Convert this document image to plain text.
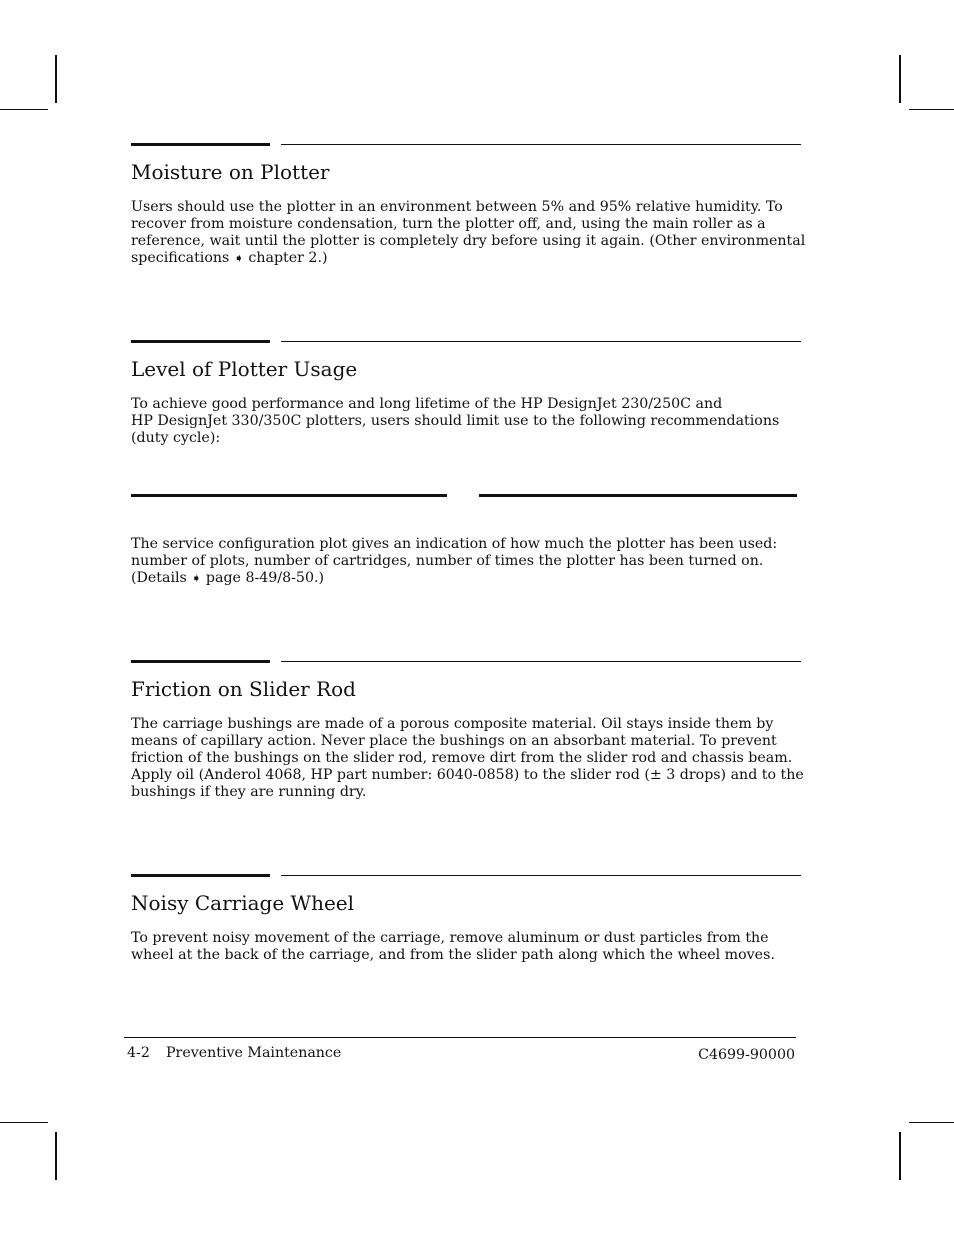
Moisture on Plotter

Users should use the plotter in an environment between 5% and 95% relative humidity. To
recover from moisture condensation, turn the plotter off, and, using the main roller as a
reference, wait until the plotter is completely dry before using it again. (Other environmental
specifications ➧ chapter 2.)

Level of Plotter Usage

To achieve good performance and long lifetime of the HP DesignJet 230/250C and
HP DesignJet 330/350C plotters, users should limit use to the following recommendations
(duty cycle):

The service configuration plot gives an indication of how much the plotter has been used:
number of plots, number of cartridges, number of times the plotter has been turned on.
(Details ➧ page 8-49/8-50.)

Friction on Slider Rod

The carriage bushings are made of a porous composite material. Oil stays inside them by
means of capillary action. Never place the bushings on an absorbant material. To prevent
friction of the bushings on the slider rod, remove dirt from the slider rod and chassis beam.
Apply oil (Anderol 4068, HP part number: 6040-0858) to the slider rod (± 3 drops) and to the
bushings if they are running dry.

Noisy Carriage Wheel

To prevent noisy movement of the carriage, remove aluminum or dust particles from the
wheel at the back of the carriage, and from the slider path along which the wheel moves.

4-2 Preventive Maintenance	C4699-90000
